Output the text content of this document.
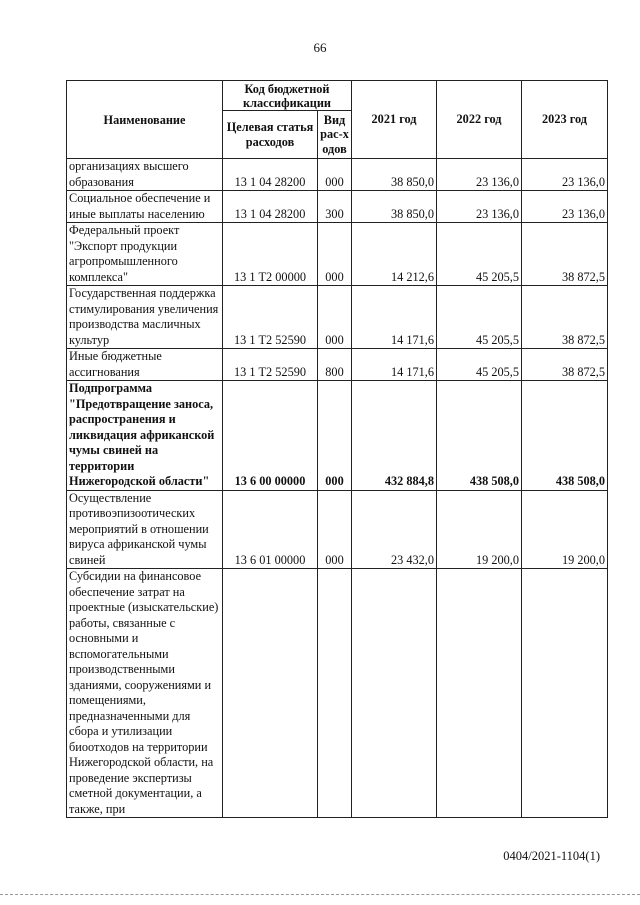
66
Наименование	Код бюджетной классификации		2021 год	2022 год	2023 год
	Целевая статья расходов	Вид рас-ходов			
организациях высшего образования	13 1 04 28200	000	38 850,0	23 136,0	23 136,0
Социальное обеспечение и иные выплаты населению	13 1 04 28200	300	38 850,0	23 136,0	23 136,0
Федеральный проект "Экспорт продукции агропромышленного комплекса"	13 1 Т2 00000	000	14 212,6	45 205,5	38 872,5
Государственная поддержка стимулирования увеличения производства масличных культур	13 1 Т2 52590	000	14 171,6	45 205,5	38 872,5
Иные бюджетные ассигнования	13 1 Т2 52590	800	14 171,6	45 205,5	38 872,5
Подпрограмма "Предотвращение заноса, распространения и ликвидация африканской чумы свиней на территории Нижегородской области"	13 6 00 00000	000	432 884,8	438 508,0	438 508,0
Осуществление противоэпизоотических мероприятий в отношении вируса африканской чумы свиней	13 6 01 00000	000	23 432,0	19 200,0	19 200,0
Субсидии на финансовое обеспечение затрат на проектные (изыскательские) работы, связанные с основными и вспомогательными производственными зданиями, сооружениями и помещениями, предназначенными для сбора и утилизации биоотходов на территории Нижегородской области, на проведение экспертизы сметной документации, а также, при					
0404/2021-1104(1)
